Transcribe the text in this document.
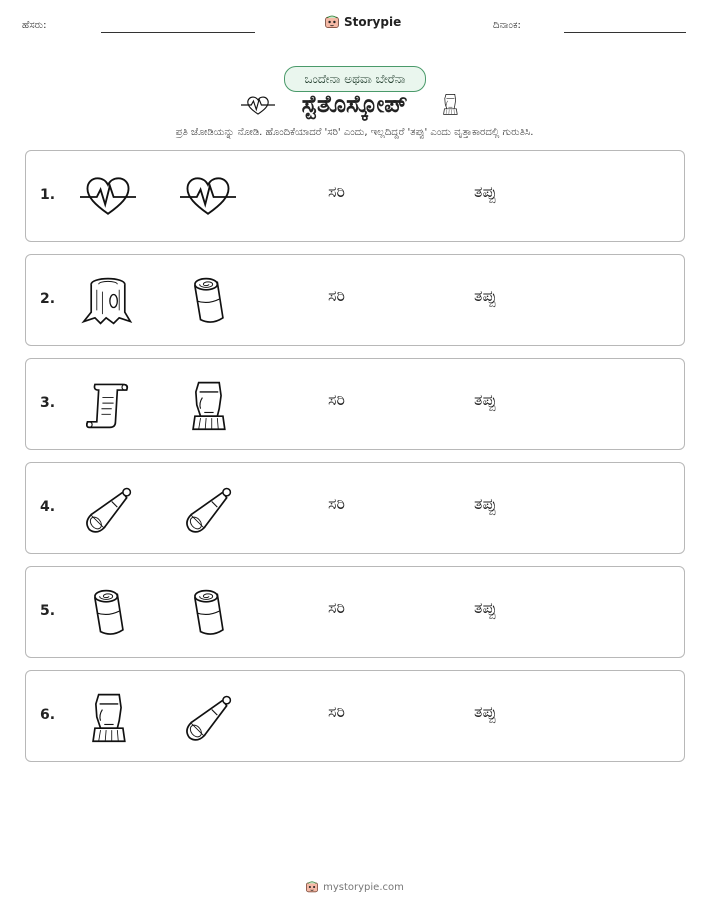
ಹೆಸರು:	Storypie	ದಿನಾಂಕ:
ಒಂದೇನಾ ಅಥವಾ ಬೇರೆನಾ
ಸ್ಟೆತೊಸ್ಕೋಪ್
ಪ್ರತಿ ಜೋಡಿಯನ್ನು ನೋಡಿ. ಹೊಂದಿಕೆಯಾದರೆ 'ಸರಿ' ಎಂದು, ಇಲ್ಲದಿದ್ದರೆ 'ತಪ್ಪು' ಎಂದು ವೃತ್ತಾಕಾರದಲ್ಲಿ ಗುರುತಿಸಿ.
1.	ಸರಿ	ತಪ್ಪು
2.	ಸರಿ	ತಪ್ಪು
3.	ಸರಿ	ತಪ್ಪು
4.	ಸರಿ	ತಪ್ಪು
5.	ಸರಿ	ತಪ್ಪು
6.	ಸರಿ	ತಪ್ಪು
mystorypie.com
